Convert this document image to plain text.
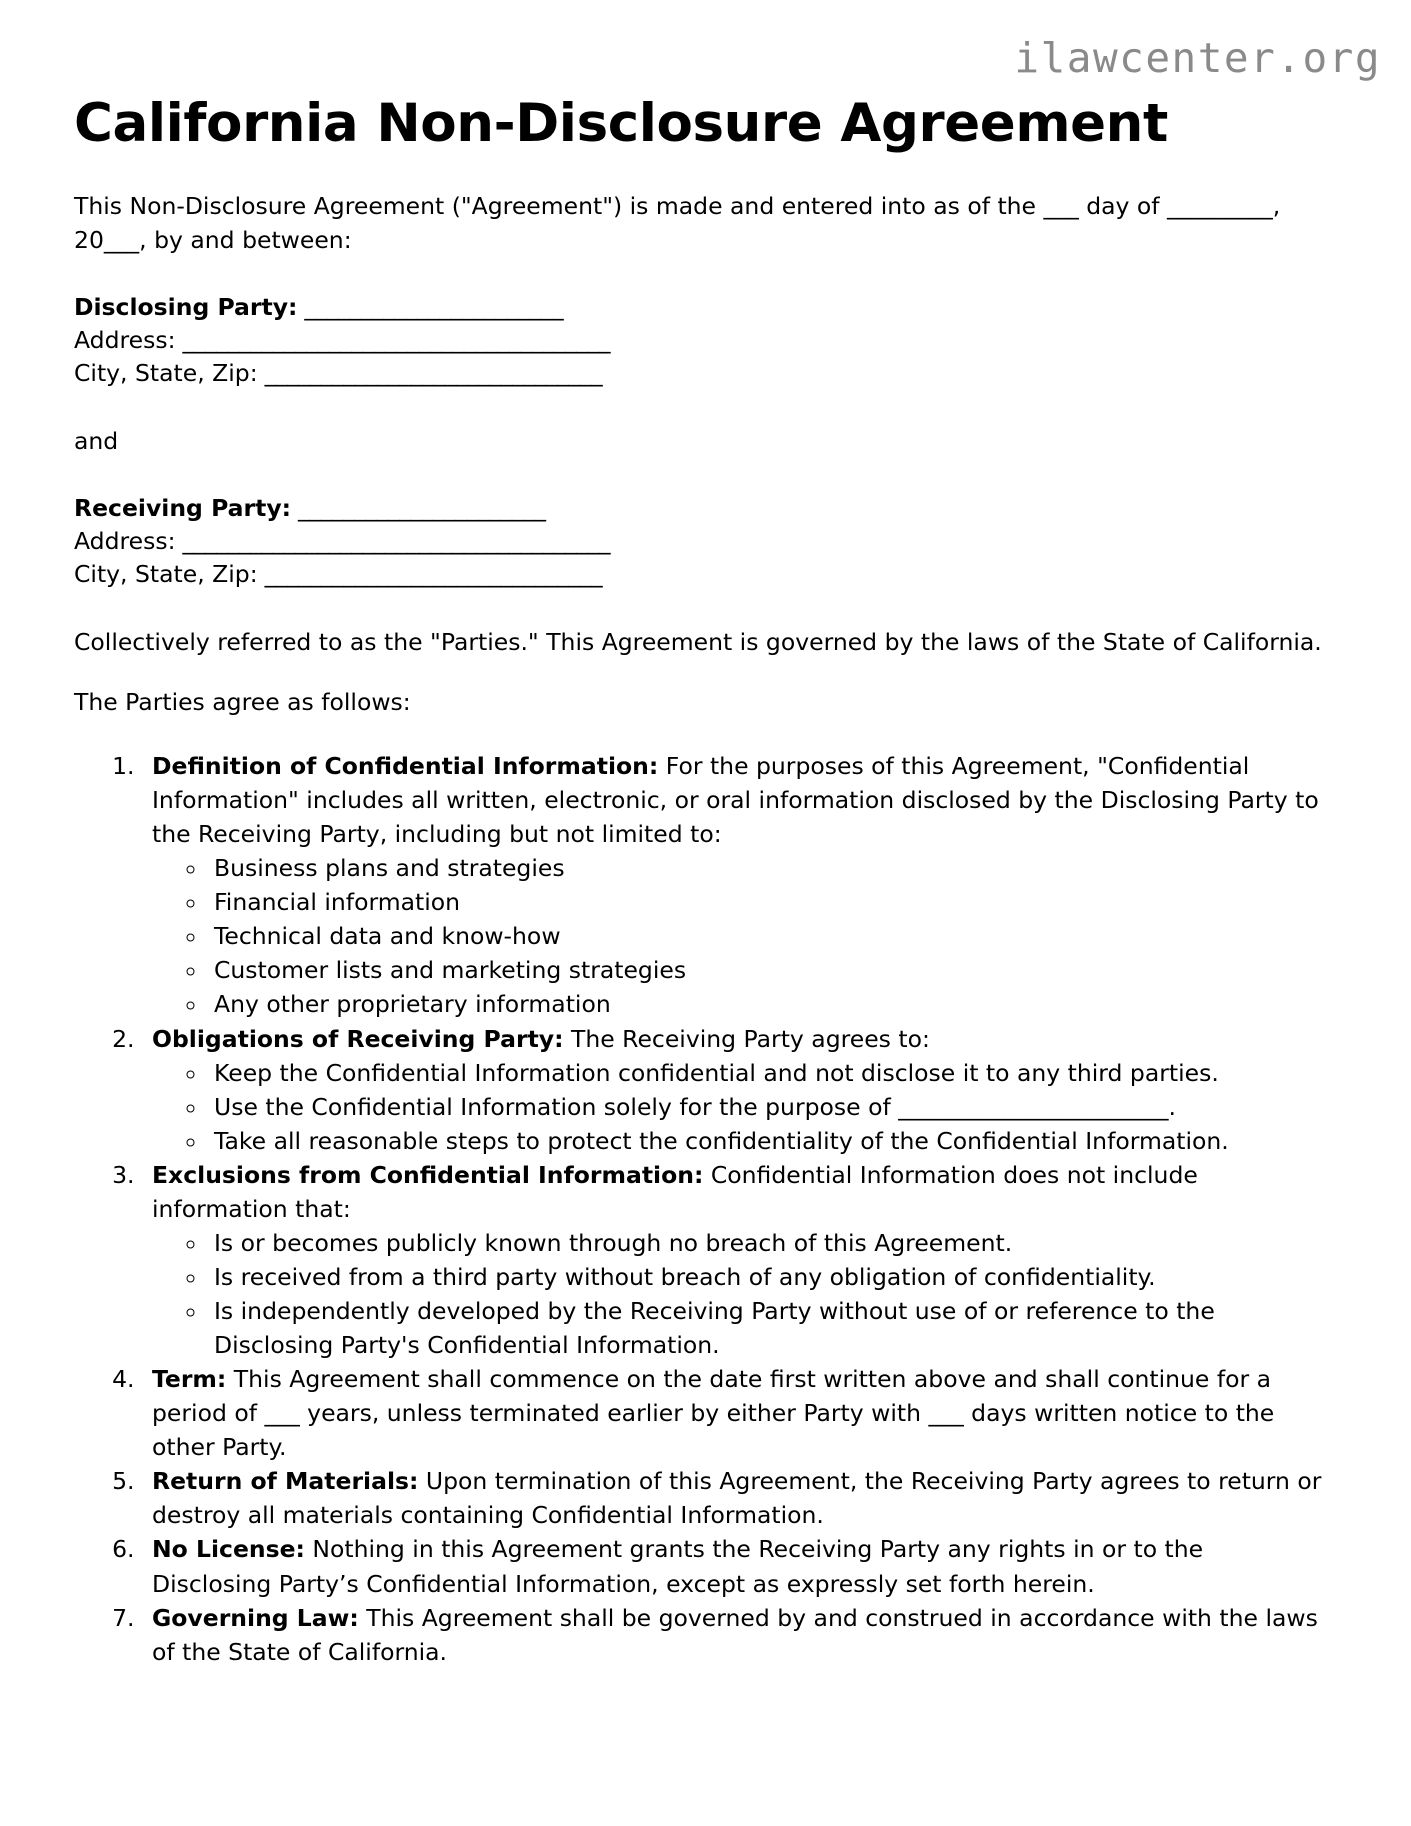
ilawcenter.org
California Non-Disclosure Agreement

This Non-Disclosure Agreement ("Agreement") is made and entered into as of the ___ day of _________, 20___, by and between:

Disclosing Party: _______________________
Address: ______________________________________
City, State, Zip: ______________________________

and

Receiving Party: ______________________
Address: ______________________________________
City, State, Zip: ______________________________

Collectively referred to as the "Parties." This Agreement is governed by the laws of the State of California.

The Parties agree as follows:

1. Definition of Confidential Information: For the purposes of this Agreement, "Confidential Information" includes all written, electronic, or oral information disclosed by the Disclosing Party to the Receiving Party, including but not limited to:
◦ Business plans and strategies
◦ Financial information
◦ Technical data and know-how
◦ Customer lists and marketing strategies
◦ Any other proprietary information
2. Obligations of Receiving Party: The Receiving Party agrees to:
◦ Keep the Confidential Information confidential and not disclose it to any third parties.
◦ Use the Confidential Information solely for the purpose of _______________________.
◦ Take all reasonable steps to protect the confidentiality of the Confidential Information.
3. Exclusions from Confidential Information: Confidential Information does not include information that:
◦ Is or becomes publicly known through no breach of this Agreement.
◦ Is received from a third party without breach of any obligation of confidentiality.
◦ Is independently developed by the Receiving Party without use of or reference to the Disclosing Party's Confidential Information.
4. Term: This Agreement shall commence on the date first written above and shall continue for a period of ___ years, unless terminated earlier by either Party with ___ days written notice to the other Party.
5. Return of Materials: Upon termination of this Agreement, the Receiving Party agrees to return or destroy all materials containing Confidential Information.
6. No License: Nothing in this Agreement grants the Receiving Party any rights in or to the Disclosing Party’s Confidential Information, except as expressly set forth herein.
7. Governing Law: This Agreement shall be governed by and construed in accordance with the laws of the State of California.
